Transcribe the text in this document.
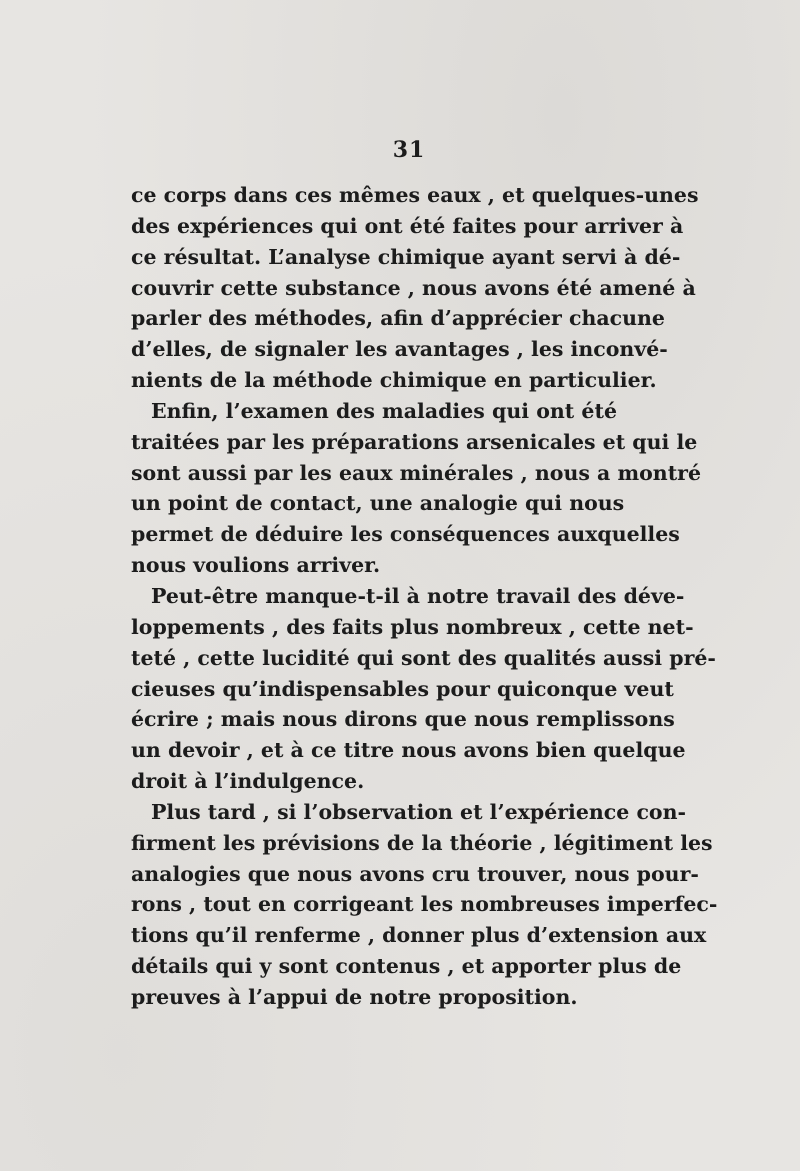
31
ce corps dans ces mêmes eaux , et quelques-unes
des expériences qui ont été faites pour arriver à
ce résultat. L’analyse chimique ayant servi à dé-
couvrir cette substance , nous avons été amené à
parler des méthodes, afin d’apprécier chacune
d’elles, de signaler les avantages , les inconvé-
nients de la méthode chimique en particulier.
Enfin, l’examen des maladies qui ont été
traitées par les préparations arsenicales et qui le
sont aussi par les eaux minérales , nous a montré
un point de contact, une analogie qui nous
permet de déduire les conséquences auxquelles
nous voulions arriver.
Peut-être manque-t-il à notre travail des déve-
loppements , des faits plus nombreux , cette net-
teté , cette lucidité qui sont des qualités aussi pré-
cieuses qu’indispensables pour quiconque veut
écrire ; mais nous dirons que nous remplissons
un devoir , et à ce titre nous avons bien quelque
droit à l’indulgence.
Plus tard , si l’observation et l’expérience con-
firment les prévisions de la théorie , légitiment les
analogies que nous avons cru trouver, nous pour-
rons , tout en corrigeant les nombreuses imperfec-
tions qu’il renferme , donner plus d’extension aux
détails qui y sont contenus , et apporter plus de
preuves à l’appui de notre proposition.
